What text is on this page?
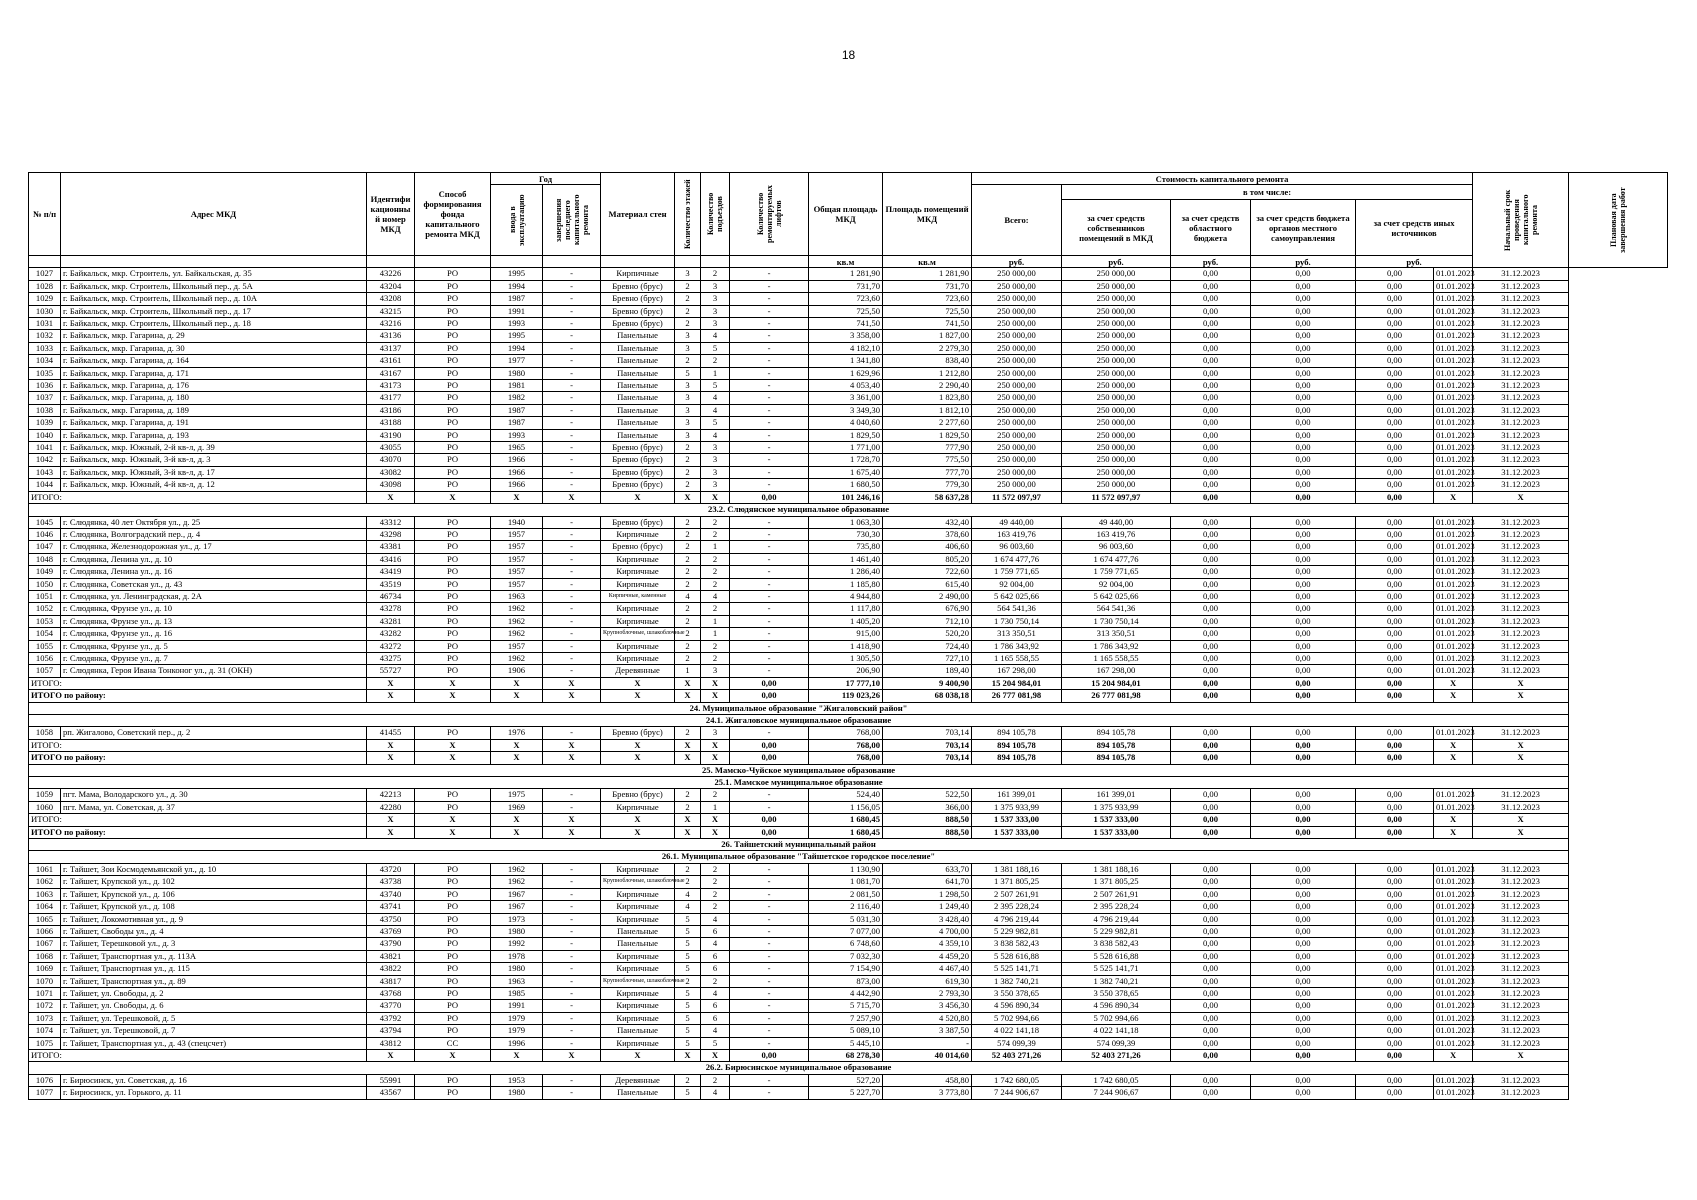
18
№ п/п	Адрес МКД	Идентифи кационны й номер МКД	Способ формирования фонда капитального ремонта МКД	Год		Материал стен	Количество этажей	Количество подъездов	Количество ремонтируемых лифтов	Общая площадь МКД	Площадь помещений МКД	Стоимость капитального ремонта						Начальный срок проведения капитального ремонта	Плановая дата завершения работ

				ввода в эксплуатацию	завершения последнего капитального ремонта							Всего:	в том числе:						
													за счет средств собственников помещений в МКД	за счет средств областного бюджета	за счет средств бюджета органов местного самоуправления	за счет средств иных источников			
										кв.м	кв.м	руб.	руб.	руб.	руб.	руб.			
1027	г. Байкальск, мкр. Строитель, ул. Байкальская, д. 35	43226	РО	1995	-	Кирпичные	3	2	-	1 281,90	1 281,90	250 000,00	250 000,00	0,00	0,00	0,00	01.01.2023	31.12.2023	
1028	г. Байкальск, мкр. Строитель, Школьный пер., д. 5А	43204	РО	1994	-	Бревно (брус)	2	3	-	731,70	731,70	250 000,00	250 000,00	0,00	0,00	0,00	01.01.2023	31.12.2023	
1029	г. Байкальск, мкр. Строитель, Школьный пер., д. 10А	43208	РО	1987	-	Бревно (брус)	2	3	-	723,60	723,60	250 000,00	250 000,00	0,00	0,00	0,00	01.01.2023	31.12.2023	
1030	г. Байкальск, мкр. Строитель, Школьный пер., д. 17	43215	РО	1991	-	Бревно (брус)	2	3	-	725,50	725,50	250 000,00	250 000,00	0,00	0,00	0,00	01.01.2023	31.12.2023	
1031	г. Байкальск, мкр. Строитель, Школьный пер., д. 18	43216	РО	1993	-	Бревно (брус)	2	3	-	741,50	741,50	250 000,00	250 000,00	0,00	0,00	0,00	01.01.2023	31.12.2023	
1032	г. Байкальск, мкр. Гагарина, д. 29	43136	РО	1995	-	Панельные	3	4	-	3 358,00	1 827,00	250 000,00	250 000,00	0,00	0,00	0,00	01.01.2023	31.12.2023	
1033	г. Байкальск, мкр. Гагарина, д. 30	43137	РО	1994	-	Панельные	3	5	-	4 182,10	2 279,30	250 000,00	250 000,00	0,00	0,00	0,00	01.01.2023	31.12.2023	
1034	г. Байкальск, мкр. Гагарина, д. 164	43161	РО	1977	-	Панельные	2	2	-	1 341,80	838,40	250 000,00	250 000,00	0,00	0,00	0,00	01.01.2023	31.12.2023	
1035	г. Байкальск, мкр. Гагарина, д. 171	43167	РО	1980	-	Панельные	5	1	-	1 629,96	1 212,80	250 000,00	250 000,00	0,00	0,00	0,00	01.01.2023	31.12.2023	
1036	г. Байкальск, мкр. Гагарина, д. 176	43173	РО	1981	-	Панельные	3	5	-	4 053,40	2 290,40	250 000,00	250 000,00	0,00	0,00	0,00	01.01.2023	31.12.2023	
1037	г. Байкальск, мкр. Гагарина, д. 180	43177	РО	1982	-	Панельные	3	4	-	3 361,00	1 823,80	250 000,00	250 000,00	0,00	0,00	0,00	01.01.2023	31.12.2023	
1038	г. Байкальск, мкр. Гагарина, д. 189	43186	РО	1987	-	Панельные	3	4	-	3 349,30	1 812,10	250 000,00	250 000,00	0,00	0,00	0,00	01.01.2023	31.12.2023	
1039	г. Байкальск, мкр. Гагарина, д. 191	43188	РО	1987	-	Панельные	3	5	-	4 040,60	2 277,60	250 000,00	250 000,00	0,00	0,00	0,00	01.01.2023	31.12.2023	
1040	г. Байкальск, мкр. Гагарина, д. 193	43190	РО	1993	-	Панельные	3	4	-	1 829,50	1 829,50	250 000,00	250 000,00	0,00	0,00	0,00	01.01.2023	31.12.2023	
1041	г. Байкальск, мкр. Южный, 2-й кв-л, д. 39	43055	РО	1965	-	Бревно (брус)	2	3	-	1 771,00	777,90	250 000,00	250 000,00	0,00	0,00	0,00	01.01.2023	31.12.2023	
1042	г. Байкальск, мкр. Южный, 3-й кв-л, д. 3	43070	РО	1966	-	Бревно (брус)	2	3	-	1 728,70	775,50	250 000,00	250 000,00	0,00	0,00	0,00	01.01.2023	31.12.2023	
1043	г. Байкальск, мкр. Южный, 3-й кв-л, д. 17	43082	РО	1966	-	Бревно (брус)	2	3	-	1 675,40	777,70	250 000,00	250 000,00	0,00	0,00	0,00	01.01.2023	31.12.2023	
1044	г. Байкальск, мкр. Южный, 4-й кв-л, д. 12	43098	РО	1966	-	Бревно (брус)	2	3	-	1 680,50	779,30	250 000,00	250 000,00	0,00	0,00	0,00	01.01.2023	31.12.2023	
ИТОГО:		X	X	X	X	X	X	X	0,00	101 246,16	58 637,28	11 572 097,97	11 572 097,97	0,00	0,00	0,00	X	X	
23.2. Слюдянское муниципальное образование																			
1045	г. Слюдянка, 40 лет Октября ул., д. 25	43312	РО	1940	-	Бревно (брус)	2	2	-	1 063,30	432,40	49 440,00	49 440,00	0,00	0,00	0,00	01.01.2023	31.12.2023	
1046	г. Слюдянка, Волгоградский пер., д. 4	43298	РО	1957	-	Кирпичные	2	2	-	730,30	378,60	163 419,76	163 419,76	0,00	0,00	0,00	01.01.2023	31.12.2023	
1047	г. Слюдянка, Железнодорожная ул., д. 17	43381	РО	1957	-	Бревно (брус)	2	1	-	735,80	406,60	96 003,60	96 003,60	0,00	0,00	0,00	01.01.2023	31.12.2023	
1048	г. Слюдянка, Ленина ул., д. 10	43416	РО	1957	-	Кирпичные	2	2	-	1 461,40	805,20	1 674 477,76	1 674 477,76	0,00	0,00	0,00	01.01.2023	31.12.2023	
1049	г. Слюдянка, Ленина ул., д. 16	43419	РО	1957	-	Кирпичные	2	2	-	1 286,40	722,60	1 759 771,65	1 759 771,65	0,00	0,00	0,00	01.01.2023	31.12.2023	
1050	г. Слюдянка, Советская ул., д. 43	43519	РО	1957	-	Кирпичные	2	2	-	1 185,80	615,40	92 004,00	92 004,00	0,00	0,00	0,00	01.01.2023	31.12.2023	
1051	г. Слюдянка, ул. Ленинградская, д. 2А	46734	РО	1963	-	Кирпичные, каменные	4	4	-	4 944,80	2 490,00	5 642 025,66	5 642 025,66	0,00	0,00	0,00	01.01.2023	31.12.2023	
1052	г. Слюдянка, Фрунзе ул., д. 10	43278	РО	1962	-	Кирпичные	2	2	-	1 117,80	676,90	564 541,36	564 541,36	0,00	0,00	0,00	01.01.2023	31.12.2023	
1053	г. Слюдянка, Фрунзе ул., д. 13	43281	РО	1962	-	Кирпичные	2	1	-	1 405,20	712,10	1 730 750,14	1 730 750,14	0,00	0,00	0,00	01.01.2023	31.12.2023	
1054	г. Слюдянка, Фрунзе ул., д. 16	43282	РО	1962	-	Крупноблочные, шлакоблочные	2	1	-	915,00	520,20	313 350,51	313 350,51	0,00	0,00	0,00	01.01.2023	31.12.2023	
1055	г. Слюдянка, Фрунзе ул., д. 5	43272	РО	1957	-	Кирпичные	2	2	-	1 418,90	724,40	1 786 343,92	1 786 343,92	0,00	0,00	0,00	01.01.2023	31.12.2023	
1056	г. Слюдянка, Фрунзе ул., д. 7	43275	РО	1962	-	Кирпичные	2	2	-	1 305,50	727,10	1 165 558,55	1 165 558,55	0,00	0,00	0,00	01.01.2023	31.12.2023	
1057	г. Слюдянка, Героя Ивана Тонконог ул., д. 31 (ОКН)	55727	РО	1906	-	Деревянные	1	3	-	206,90	189,40	167 298,00	167 298,00	0,00	0,00	0,00	01.01.2023	31.12.2023	
ИТОГО:		X	X	X	X	X	X	X	0,00	17 777,10	9 400,90	15 204 984,01	15 204 984,01	0,00	0,00	0,00	X	X	
ИТОГО по району:		X	X	X	X	X	X	X	0,00	119 023,26	68 038,18	26 777 081,98	26 777 081,98	0,00	0,00	0,00	X	X	
24. Муниципальное образование "Жигаловский район"																			
24.1. Жигаловское муниципальное образование																			
1058	рп. Жигалово, Советский пер., д. 2	41455	РО	1976	-	Бревно (брус)	2	3	-	768,00	703,14	894 105,78	894 105,78	0,00	0,00	0,00	01.01.2023	31.12.2023	
ИТОГО:		X	X	X	X	X	X	X	0,00	768,00	703,14	894 105,78	894 105,78	0,00	0,00	0,00	X	X	
ИТОГО по району:		X	X	X	X	X	X	X	0,00	768,00	703,14	894 105,78	894 105,78	0,00	0,00	0,00	X	X	
25. Мамско-Чуйское муниципальное образование																			
25.1. Мамское муниципальное образование																			
1059	пгт. Мама, Володарского ул., д. 30	42213	РО	1975	-	Бревно (брус)	2	2	-	524,40	522,50	161 399,01	161 399,01	0,00	0,00	0,00	01.01.2023	31.12.2023	
1060	пгт. Мама, ул. Советская, д. 37	42280	РО	1969	-	Кирпичные	2	1	-	1 156,05	366,00	1 375 933,99	1 375 933,99	0,00	0,00	0,00	01.01.2023	31.12.2023	
ИТОГО:		X	X	X	X	X	X	X	0,00	1 680,45	888,50	1 537 333,00	1 537 333,00	0,00	0,00	0,00	X	X	
ИТОГО по району:		X	X	X	X	X	X	X	0,00	1 680,45	888,50	1 537 333,00	1 537 333,00	0,00	0,00	0,00	X	X	
26. Тайшетский муниципальный район																			
26.1. Муниципальное образование "Тайшетское городское поселение"																			
1061	г. Тайшет, Зои Космодемьянской ул., д. 10	43720	РО	1962	-	Кирпичные	2	2	-	1 130,90	633,70	1 381 188,16	1 381 188,16	0,00	0,00	0,00	01.01.2023	31.12.2023	
1062	г. Тайшет, Крупской ул., д. 102	43738	РО	1962	-	Крупноблочные, шлакоблочные	2	2	-	1 081,70	641,70	1 371 805,25	1 371 805,25	0,00	0,00	0,00	01.01.2023	31.12.2023	
1063	г. Тайшет, Крупской ул., д. 106	43740	РО	1967	-	Кирпичные	4	2	-	2 081,50	1 298,50	2 507 261,91	2 507 261,91	0,00	0,00	0,00	01.01.2023	31.12.2023	
1064	г. Тайшет, Крупской ул., д. 108	43741	РО	1967	-	Кирпичные	4	2	-	2 116,40	1 249,40	2 395 228,24	2 395 228,24	0,00	0,00	0,00	01.01.2023	31.12.2023	
1065	г. Тайшет, Локомотивная ул., д. 9	43750	РО	1973	-	Кирпичные	5	4	-	5 031,30	3 428,40	4 796 219,44	4 796 219,44	0,00	0,00	0,00	01.01.2023	31.12.2023	
1066	г. Тайшет, Свободы ул., д. 4	43769	РО	1980	-	Панельные	5	6	-	7 077,00	4 700,00	5 229 982,81	5 229 982,81	0,00	0,00	0,00	01.01.2023	31.12.2023	
1067	г. Тайшет, Терешковой ул., д. 3	43790	РО	1992	-	Панельные	5	4	-	6 748,60	4 359,10	3 838 582,43	3 838 582,43	0,00	0,00	0,00	01.01.2023	31.12.2023	
1068	г. Тайшет, Транспортная ул., д. 113А	43821	РО	1978	-	Кирпичные	5	6	-	7 032,30	4 459,20	5 528 616,88	5 528 616,88	0,00	0,00	0,00	01.01.2023	31.12.2023	
1069	г. Тайшет, Транспортная ул., д. 115	43822	РО	1980	-	Кирпичные	5	6	-	7 154,90	4 467,40	5 525 141,71	5 525 141,71	0,00	0,00	0,00	01.01.2023	31.12.2023	
1070	г. Тайшет, Транспортная ул., д. 89	43817	РО	1963	-	Крупноблочные, шлакоблочные	2	2	-	873,00	619,30	1 382 740,21	1 382 740,21	0,00	0,00	0,00	01.01.2023	31.12.2023	
1071	г. Тайшет, ул. Свободы, д. 2	43768	РО	1985	-	Кирпичные	5	4	-	4 442,90	2 793,30	3 550 378,65	3 550 378,65	0,00	0,00	0,00	01.01.2023	31.12.2023	
1072	г. Тайшет, ул. Свободы, д. 6	43770	РО	1991	-	Кирпичные	5	6	-	5 715,70	3 456,30	4 596 890,34	4 596 890,34	0,00	0,00	0,00	01.01.2023	31.12.2023	
1073	г. Тайшет, ул. Терешковой, д. 5	43792	РО	1979	-	Кирпичные	5	6	-	7 257,90	4 520,80	5 702 994,66	5 702 994,66	0,00	0,00	0,00	01.01.2023	31.12.2023	
1074	г. Тайшет, ул. Терешковой, д. 7	43794	РО	1979	-	Панельные	5	4	-	5 089,10	3 387,50	4 022 141,18	4 022 141,18	0,00	0,00	0,00	01.01.2023	31.12.2023	
1075	г. Тайшет, Транспортная ул., д. 43 (спецсчет)	43812	СС	1996	-	Кирпичные	5	5	-	5 445,10	-	574 099,39	574 099,39	0,00	0,00	0,00	01.01.2023	31.12.2023	
ИТОГО:		X	X	X	X	X	X	X	0,00	68 278,30	40 014,60	52 403 271,26	52 403 271,26	0,00	0,00	0,00	X	X	
26.2. Бирюсинское муниципальное образование																			
1076	г. Бирюсинск, ул. Советская, д. 16	55991	РО	1953	-	Деревянные	2	2	-	527,20	458,80	1 742 680,05	1 742 680,05	0,00	0,00	0,00	01.01.2023	31.12.2023	
1077	г. Бирюсинск, ул. Горького, д. 11	43567	РО	1980	-	Панельные	5	4	-	5 227,70	3 773,80	7 244 906,67	7 244 906,67	0,00	0,00	0,00	01.01.2023	31.12.2023	
